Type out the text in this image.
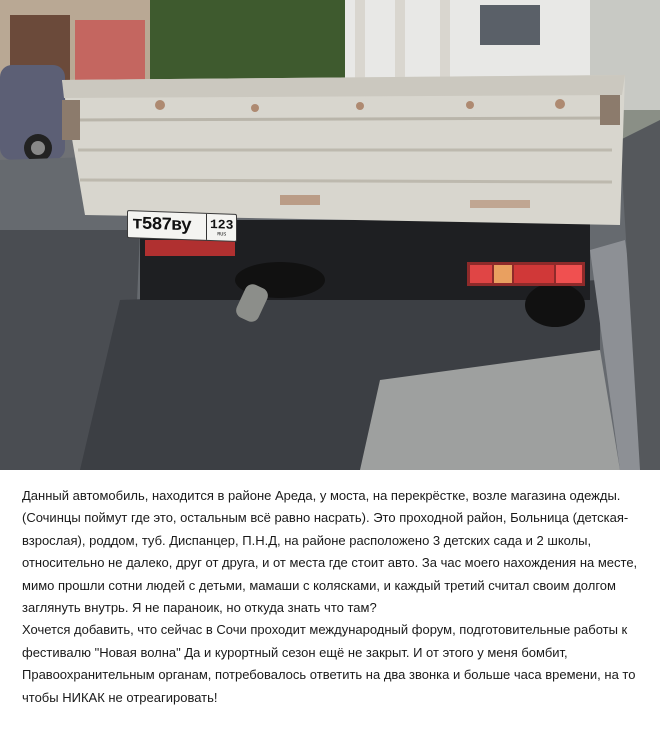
т587ву	123
RUS

Данный автомобиль, находится в районе Ареда, у моста, на перекрёстке, возле магазина одежды. (Сочинцы поймут где это, остальным всё равно насрать). Это проходной район, Больница (детская-взрослая), роддом, туб. Диспанцер, П.Н.Д, на районе расположено 3 детских сада и 2 школы, относительно не далеко, друг от друга, и от места где стоит авто. За час моего нахождения на месте, мимо прошли сотни людей с детьми, мамаши с колясками, и каждый третий считал своим долгом заглянуть внутрь. Я не параноик, но откуда знать что там?

Хочется добавить, что сейчас в Сочи проходит международный форум, подготовительные работы к фестивалю "Новая волна" Да и курортный сезон ещё не закрыт. И от этого у меня бомбит, Правоохранительным органам, потребовалось ответить на два звонка и больше часа времени, на то чтобы НИКАК не отреагировать!
